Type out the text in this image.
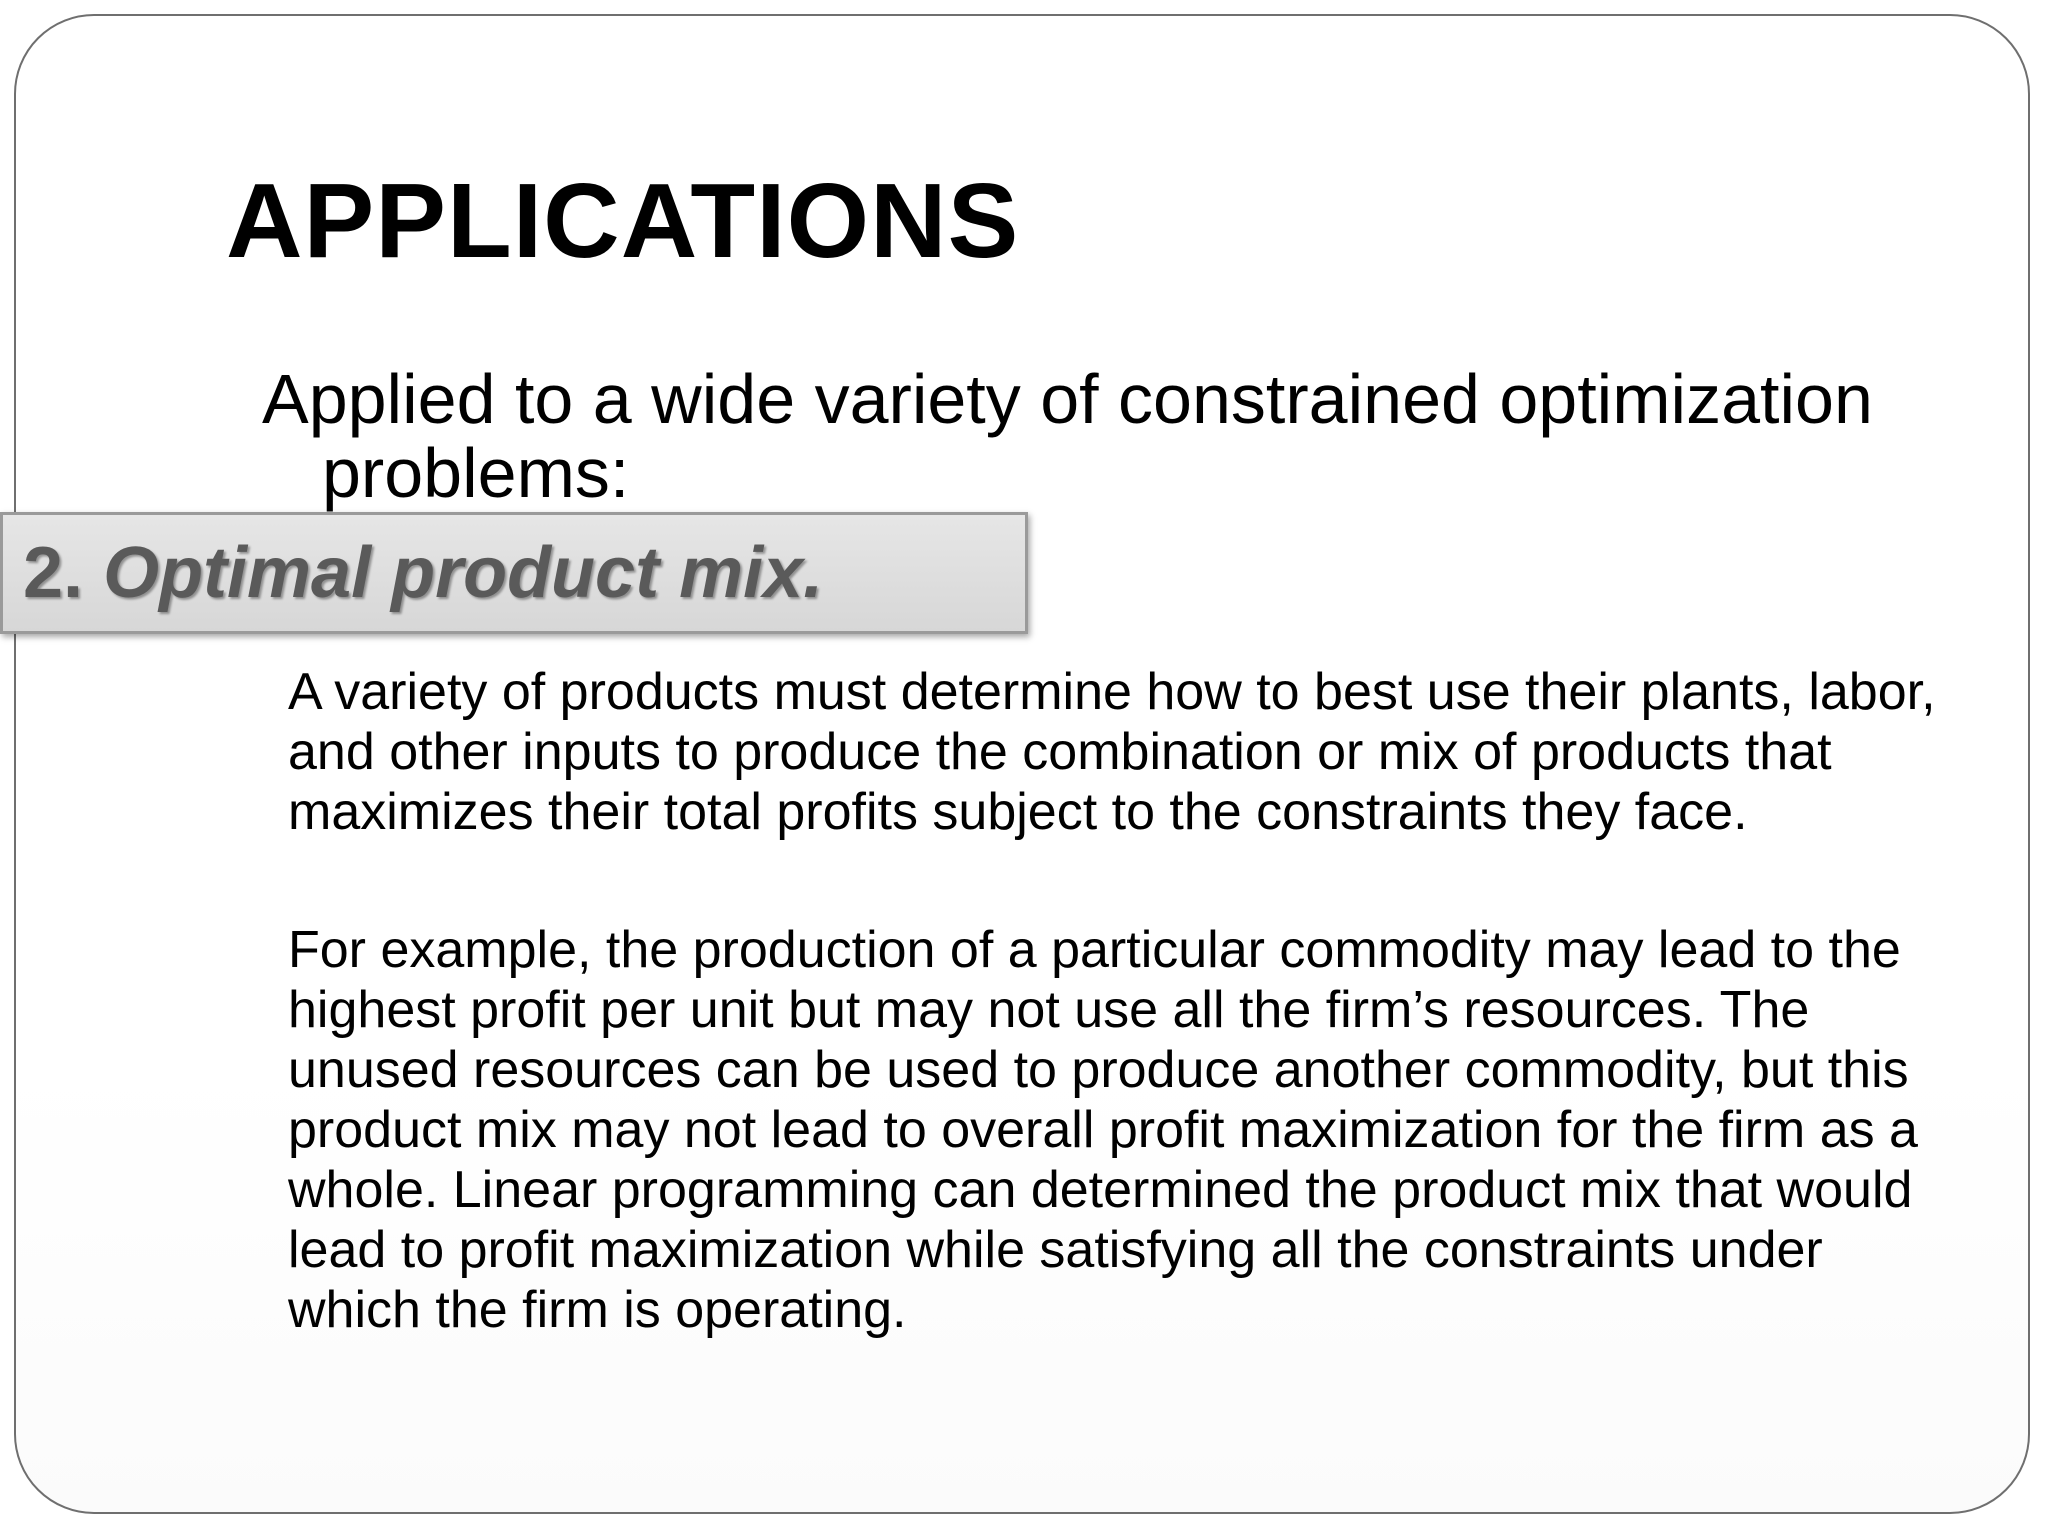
APPLICATIONS

Applied to a wide variety of constrained optimization
problems:

2. Optimal product mix.

A variety of products must determine how to best use their plants, labor, and other inputs to produce the combination or mix of products that maximizes their total profits subject to the constraints they face.

For example, the production of a particular commodity may lead to the highest profit per unit but may not use all the firm’s resources. The unused resources can be used to produce another commodity, but this product mix may not lead to overall profit maximization for the firm as a whole. Linear programming can determined the product mix that would lead to profit maximization while satisfying all the constraints under which the firm is operating.
